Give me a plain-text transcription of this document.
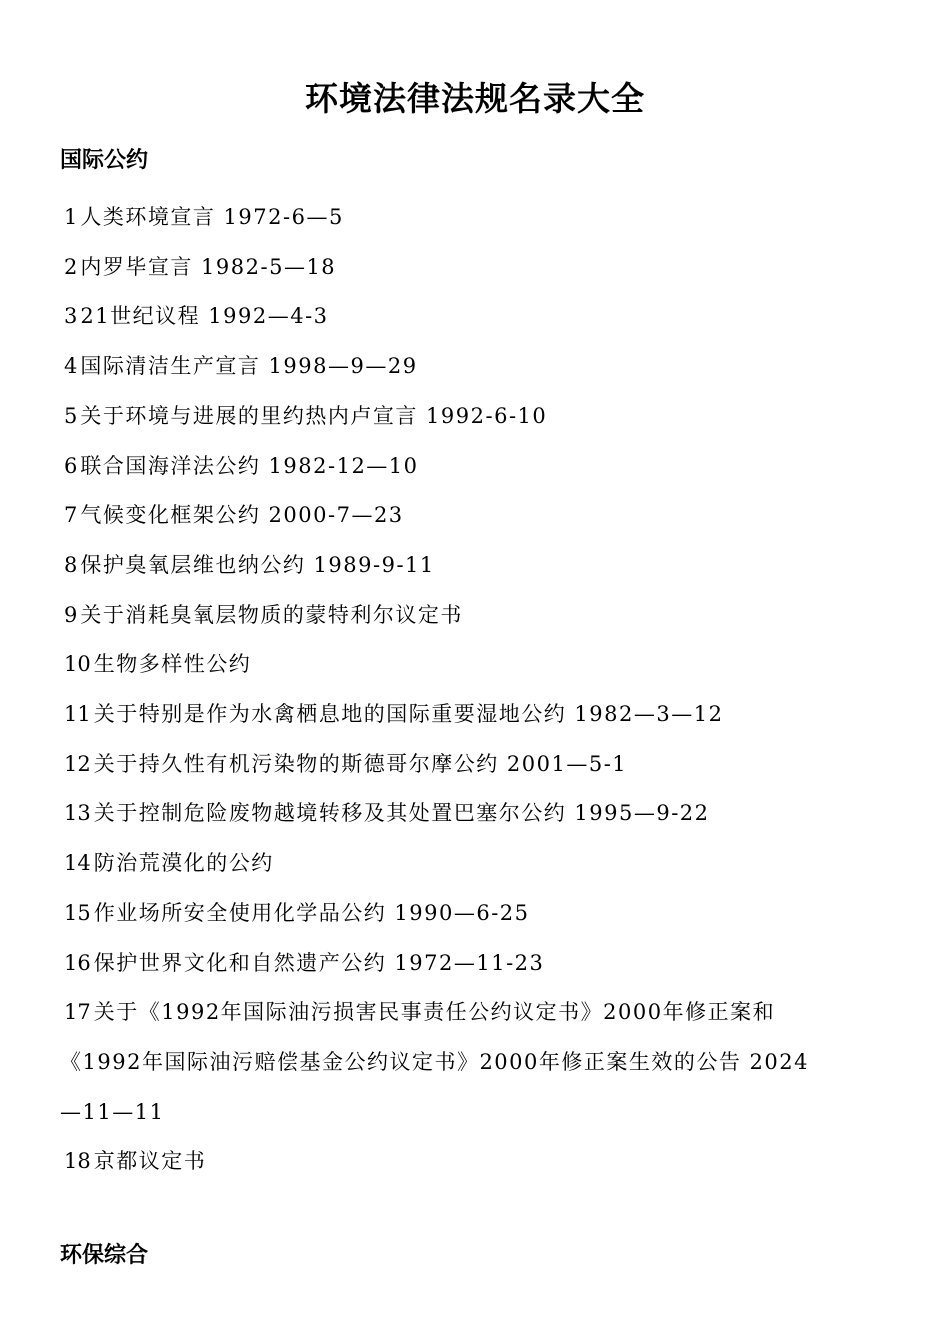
环境法律法规名录大全
国际公约
1 人类环境宣言 1972-6—5
2 内罗毕宣言 1982-5—18
3 21世纪议程 1992—4-3
4 国际清洁生产宣言 1998—9—29
5 关于环境与进展的里约热内卢宣言 1992-6-10
6 联合国海洋法公约 1982-12—10
7 气候变化框架公约 2000-7—23
8 保护臭氧层维也纳公约 1989-9-11
9 关于消耗臭氧层物质的蒙特利尔议定书
10 生物多样性公约
11 关于特别是作为水禽栖息地的国际重要湿地公约 1982—3—12
12 关于持久性有机污染物的斯德哥尔摩公约 2001—5-1
13 关于控制危险废物越境转移及其处置巴塞尔公约 1995—9-22
14 防治荒漠化的公约
15 作业场所安全使用化学品公约 1990—6-25
16 保护世界文化和自然遗产公约 1972—11-23
17 关于《1992年国际油污损害民事责任公约议定书》2000年修正案和
《1992年国际油污赔偿基金公约议定书》2000年修正案生效的公告 2024
—11—11
18 京都议定书
环保综合
